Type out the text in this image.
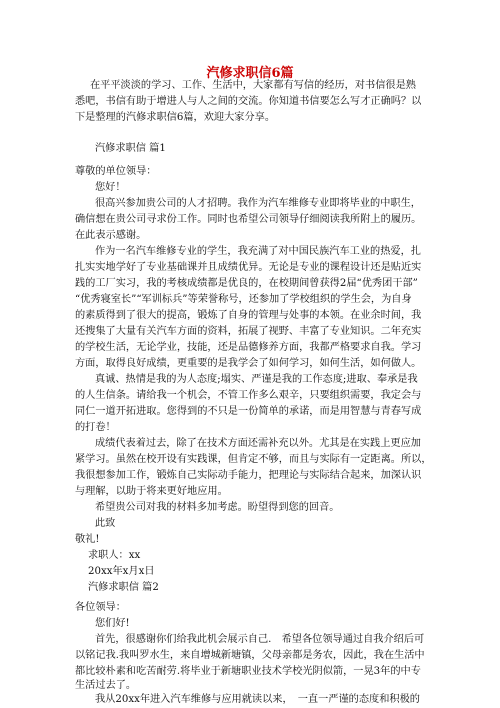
汽修求职信6篇

在平平淡淡的学习、工作、生活中，大家都有写信的经历，对书信很是熟

悉吧，书信有助于增进人与人之间的交流。你知道书信要怎么写才正确吗？以

下是整理的汽修求职信6篇，欢迎大家分享。

汽修求职信 篇1

尊敬的单位领导：

您好！

很高兴参加贵公司的人才招聘。我作为汽车维修专业即将毕业的中职生，

确信想在贵公司寻求份工作。同时也希望公司领导仔细阅读我所附上的履历。

在此表示感谢。

作为一名汽车维修专业的学生，我充满了对中国民族汽车工业的热爱，扎

扎实实地学好了专业基础课并且成绩优异。无论是专业的课程设计还是贴近实

践的工厂实习，我的考核成绩都是优良的，在校期间曾获得2届“优秀团干部”

“优秀寝室长”“军训标兵”等荣誉称号，还参加了学校组织的学生会，为自身

的素质得到了很大的提高，锻炼了自身的管理与处事的本领。在业余时间，我

还搜集了大量有关汽车方面的资料，拓展了视野、丰富了专业知识。二年充实

的学校生活，无论学业，技能，还是品德修养方面，我都严格要求自我。学习

方面，取得良好成绩，更重要的是我学会了如何学习，如何生活，如何做人。

真诚、热情是我的为人态度;塌实、严谨是我的工作态度;进取、奉承是我

的人生信条。请给我一个机会，不管工作多么艰辛，只要组织需要，我定会与

同仁一道开拓进取。您得到的不只是一份简单的承诺，而是用智慧与青春写成

的打卷！

成绩代表着过去，除了在技术方面还需补充以外。尤其是在实践上更应加

紧学习。虽然在校开设有实践课，但肯定不够，而且与实际有一定距离。所以，

我很想参加工作，锻炼自己实际动手能力，把理论与实际结合起来，加深认识

与理解，以助于将来更好地应用。

希望贵公司对我的材料多加考虑。盼望得到您的回音。

此致

敬礼!

求职人：xx

20xx年x月x日

汽修求职信 篇2

各位领导：

您们好!

首先，很感谢你们给我此机会展示自己.　希望各位领导通过自我介绍后可

以铭记我.我叫罗水生，来自增城新塘镇，父母亲都是务农，因此，我在生活中

都比较朴素和吃苦耐劳.将毕业于新塘职业技术学校光阴似箭，一晃3年的中专

生活过去了。

我从20xx年进入汽车维修与应用就读以来，　一直一严谨的态度和积极的
